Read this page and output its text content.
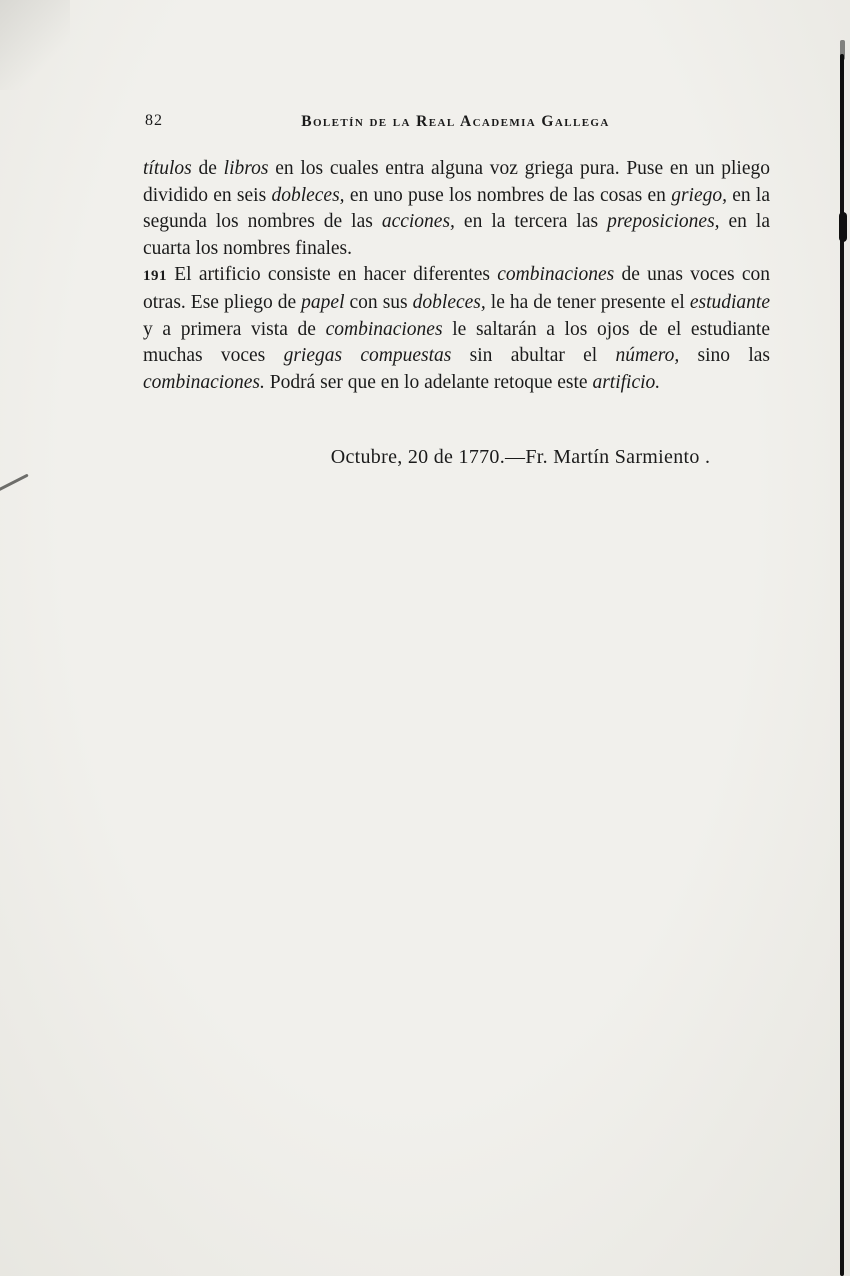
82	Boletín de la Real Academia Gallega

títulos de libros en los cuales entra alguna voz griega pura. Puse en un pliego dividido en seis dobleces, en uno puse los nombres de las cosas en griego, en la segunda los nombres de las acciones, en la tercera las preposiciones, en la cuarta los nombres finales.

191 El artificio consiste en hacer diferentes combinaciones de unas voces con otras. Ese pliego de papel con sus dobleces, le ha de tener presente el estudiante y a primera vista de combinaciones le saltarán a los ojos de el estudiante muchas voces griegas compuestas sin abultar el número, sino las combinaciones. Podrá ser que en lo adelante retoque este artificio.

Octubre, 20 de 1770.—Fr. Martín Sarmiento .
